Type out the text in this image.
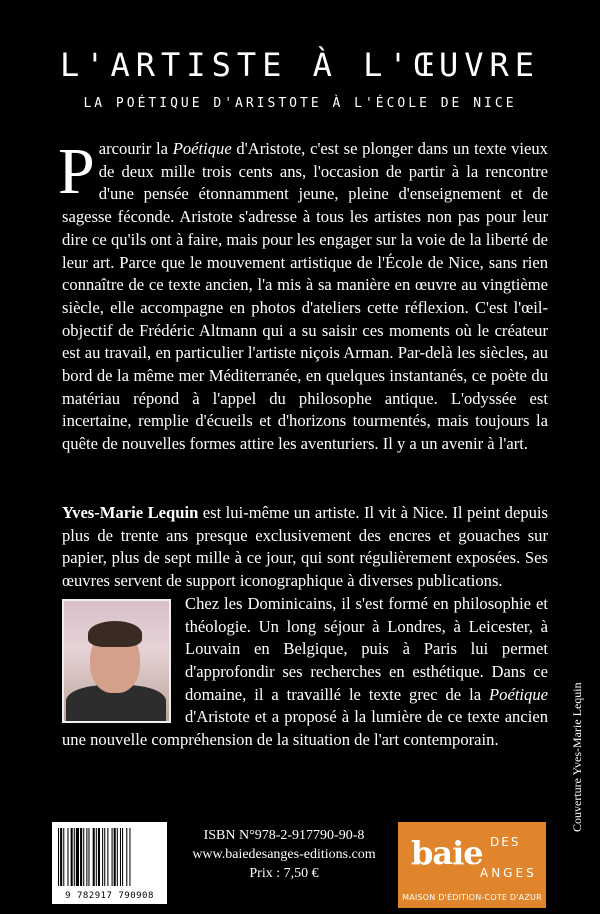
L'ARTISTE À L'ŒUVRE
LA POÉTIQUE D'ARISTOTE À L'ÉCOLE DE NICE
Parcourir la Poétique d'Aristote, c'est se plonger dans un texte vieux de deux mille trois cents ans, l'occasion de partir à la rencontre d'une pensée étonnamment jeune, pleine d'enseignement et de sagesse féconde. Aristote s'adresse à tous les artistes non pas pour leur dire ce qu'ils ont à faire, mais pour les engager sur la voie de la liberté de leur art. Parce que le mouvement artistique de l'École de Nice, sans rien connaître de ce texte ancien, l'a mis à sa manière en œuvre au vingtième siècle, elle accompagne en photos d'ateliers cette réflexion. C'est l'œil-objectif de Frédéric Altmann qui a su saisir ces moments où le créateur est au travail, en particulier l'artiste niçois Arman. Par-delà les siècles, au bord de la même mer Méditerranée, en quelques instantanés, ce poète du matériau répond à l'appel du philosophe antique. L'odyssée est incertaine, remplie d'écueils et d'horizons tourmentés, mais toujours la quête de nouvelles formes attire les aventuriers. Il y a un avenir à l'art.

Yves-Marie Lequin est lui-même un artiste. Il vit à Nice. Il peint depuis plus de trente ans presque exclusivement des encres et gouaches sur papier, plus de sept mille à ce jour, qui sont régulièrement exposées. Ses œuvres servent de support iconographique à diverses publications.

Chez les Dominicains, il s'est formé en philosophie et théologie. Un long séjour à Londres, à Leicester, à Louvain en Belgique, puis à Paris lui permet d'approfondir ses recherches en esthétique. Dans ce domaine, il a travaillé le texte grec de la Poétique d'Aristote et a proposé à la lumière de ce texte ancien une nouvelle compréhension de la situation de l'art contemporain.	Couverture Yves-Marie Lequin
9 782917 790908
ISBN N°978-2-917790-90-8
www.baiedesanges-editions.com
Prix : 7,50 €
baie DES
ANGES
MAISON D'ÉDITION-COTE D'AZUR
